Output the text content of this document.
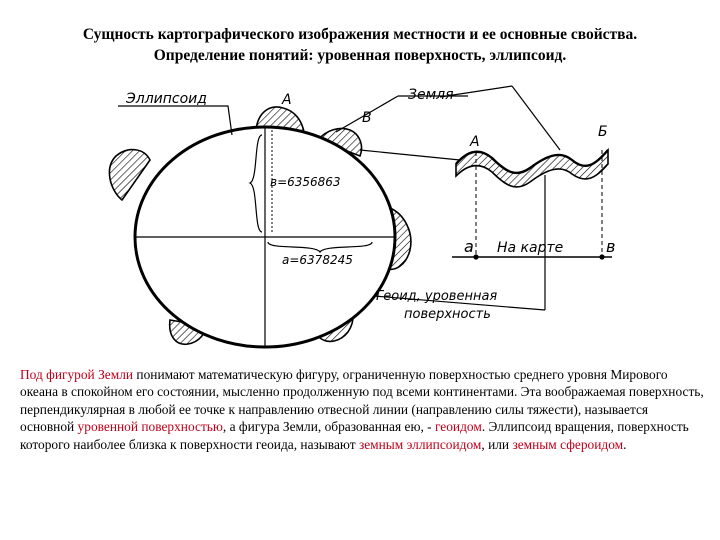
Сущность картографического изображения местности и ее основные свойства.
Определение понятий: уровенная поверхность, эллипсоид.
в=6356863
а=6378245
Эллипсоид	А
В
Земля
Геоид, уровенная
поверхность
А
Б
а	в
На карте
Под фигурой Земли понимают математическую фигуру, ограниченную поверхностью среднего уровня Мирового океана в спокойном его состоянии, мысленно продолженную под всеми континентами. Эта воображаемая поверхность, перпендикулярная в любой ее точке к направлению отвесной линии (направлению силы тяжести), называется основной уровенной поверхностью, а фигура Земли, образованная ею, - геоидом. Эллипсоид вращения, поверхность которого наиболее близка к поверхности геоида, называют земным эллипсоидом, или земным сфероидом.
